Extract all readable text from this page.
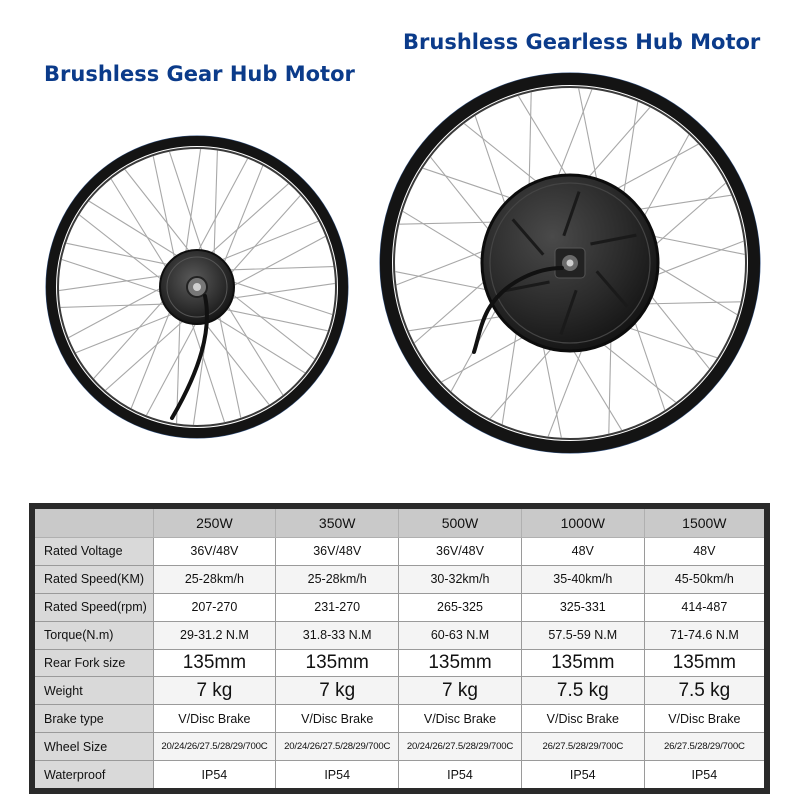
Brushless Gear Hub Motor
Brushless Gearless Hub Motor
	250W	350W	500W	1000W	1500W
Rated Voltage	36V/48V	36V/48V	36V/48V	48V	48V
Rated Speed(KM)	25-28km/h	25-28km/h	30-32km/h	35-40km/h	45-50km/h
Rated Speed(rpm)	207-270	231-270	265-325	325-331	414-487
Torque(N.m)	29-31.2 N.M	31.8-33 N.M	60-63 N.M	57.5-59 N.M	71-74.6 N.M
Rear Fork size	135mm	135mm	135mm	135mm	135mm
Weight	7 kg	7 kg	7 kg	7.5 kg	7.5 kg
Brake type	V/Disc Brake	V/Disc Brake	V/Disc Brake	V/Disc Brake	V/Disc Brake
Wheel Size	20/24/26/27.5/28/29/700C	20/24/26/27.5/28/29/700C	20/24/26/27.5/28/29/700C	26/27.5/28/29/700C	26/27.5/28/29/700C
Waterproof	IP54	IP54	IP54	IP54	IP54
